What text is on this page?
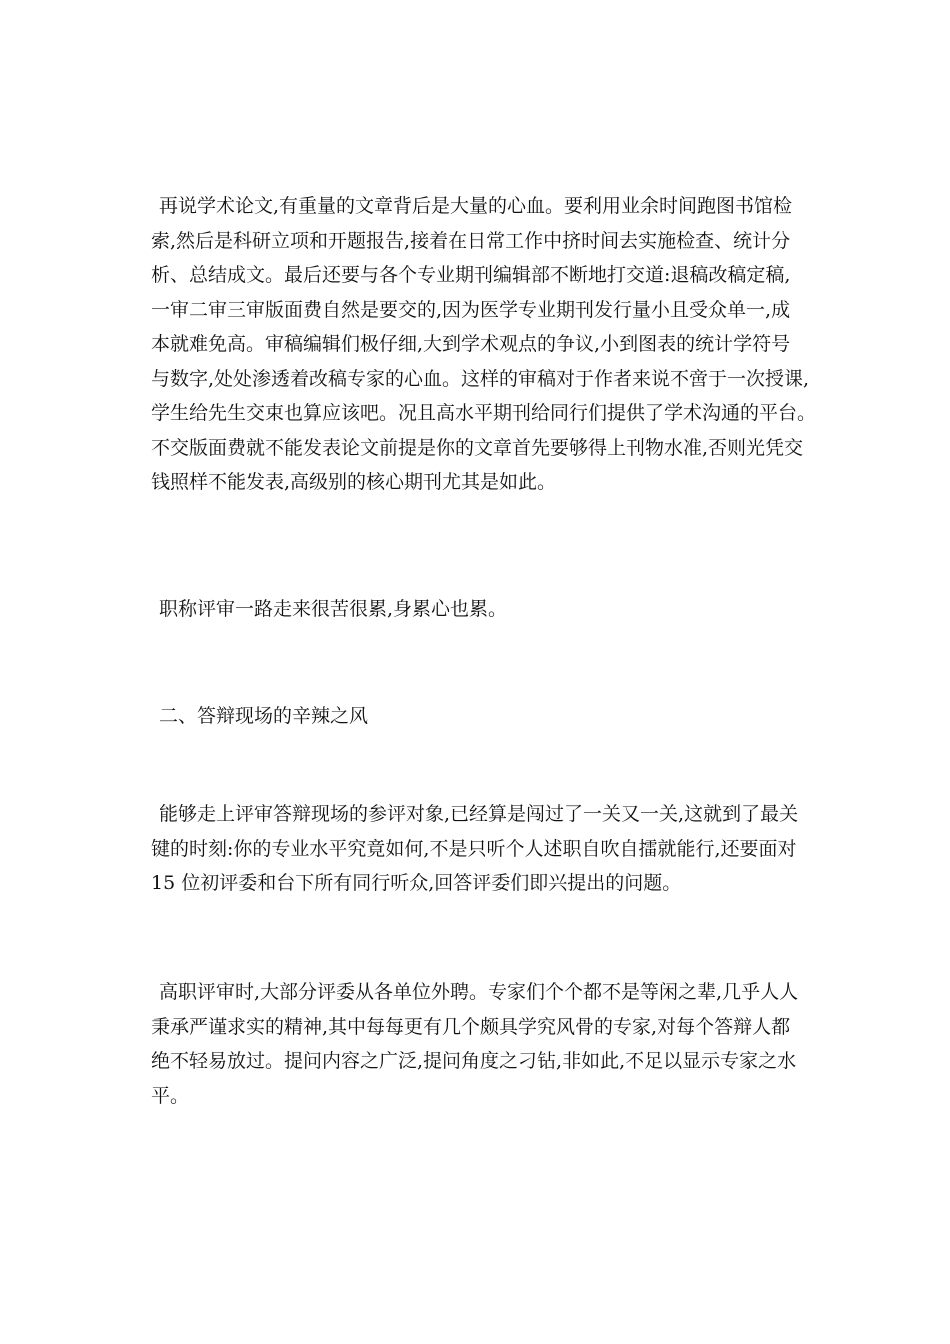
再说学术论文,有重量的文章背后是大量的心血。要利用业余时间跑图书馆检
索,然后是科研立项和开题报告,接着在日常工作中挤时间去实施检查、统计分
析、总结成文。最后还要与各个专业期刊编辑部不断地打交道:退稿改稿定稿,
一审二审三审版面费自然是要交的,因为医学专业期刊发行量小且受众单一,成
本就难免高。审稿编辑们极仔细,大到学术观点的争议,小到图表的统计学符号
与数字,处处渗透着改稿专家的心血。这样的审稿对于作者来说不啻于一次授课,
学生给先生交束也算应该吧。况且高水平期刊给同行们提供了学术沟通的平台。
不交版面费就不能发表论文前提是你的文章首先要够得上刊物水准,否则光凭交
钱照样不能发表,高级别的核心期刊尤其是如此。
职称评审一路走来很苦很累,身累心也累。
二、答辩现场的辛辣之风
能够走上评审答辩现场的参评对象,已经算是闯过了一关又一关,这就到了最关
键的时刻:你的专业水平究竟如何,不是只听个人述职自吹自擂就能行,还要面对
15 位初评委和台下所有同行听众,回答评委们即兴提出的问题。
高职评审时,大部分评委从各单位外聘。专家们个个都不是等闲之辈,几乎人人
秉承严谨求实的精神,其中每每更有几个颇具学究风骨的专家,对每个答辩人都
绝不轻易放过。提问内容之广泛,提问角度之刁钻,非如此,不足以显示专家之水
平。
